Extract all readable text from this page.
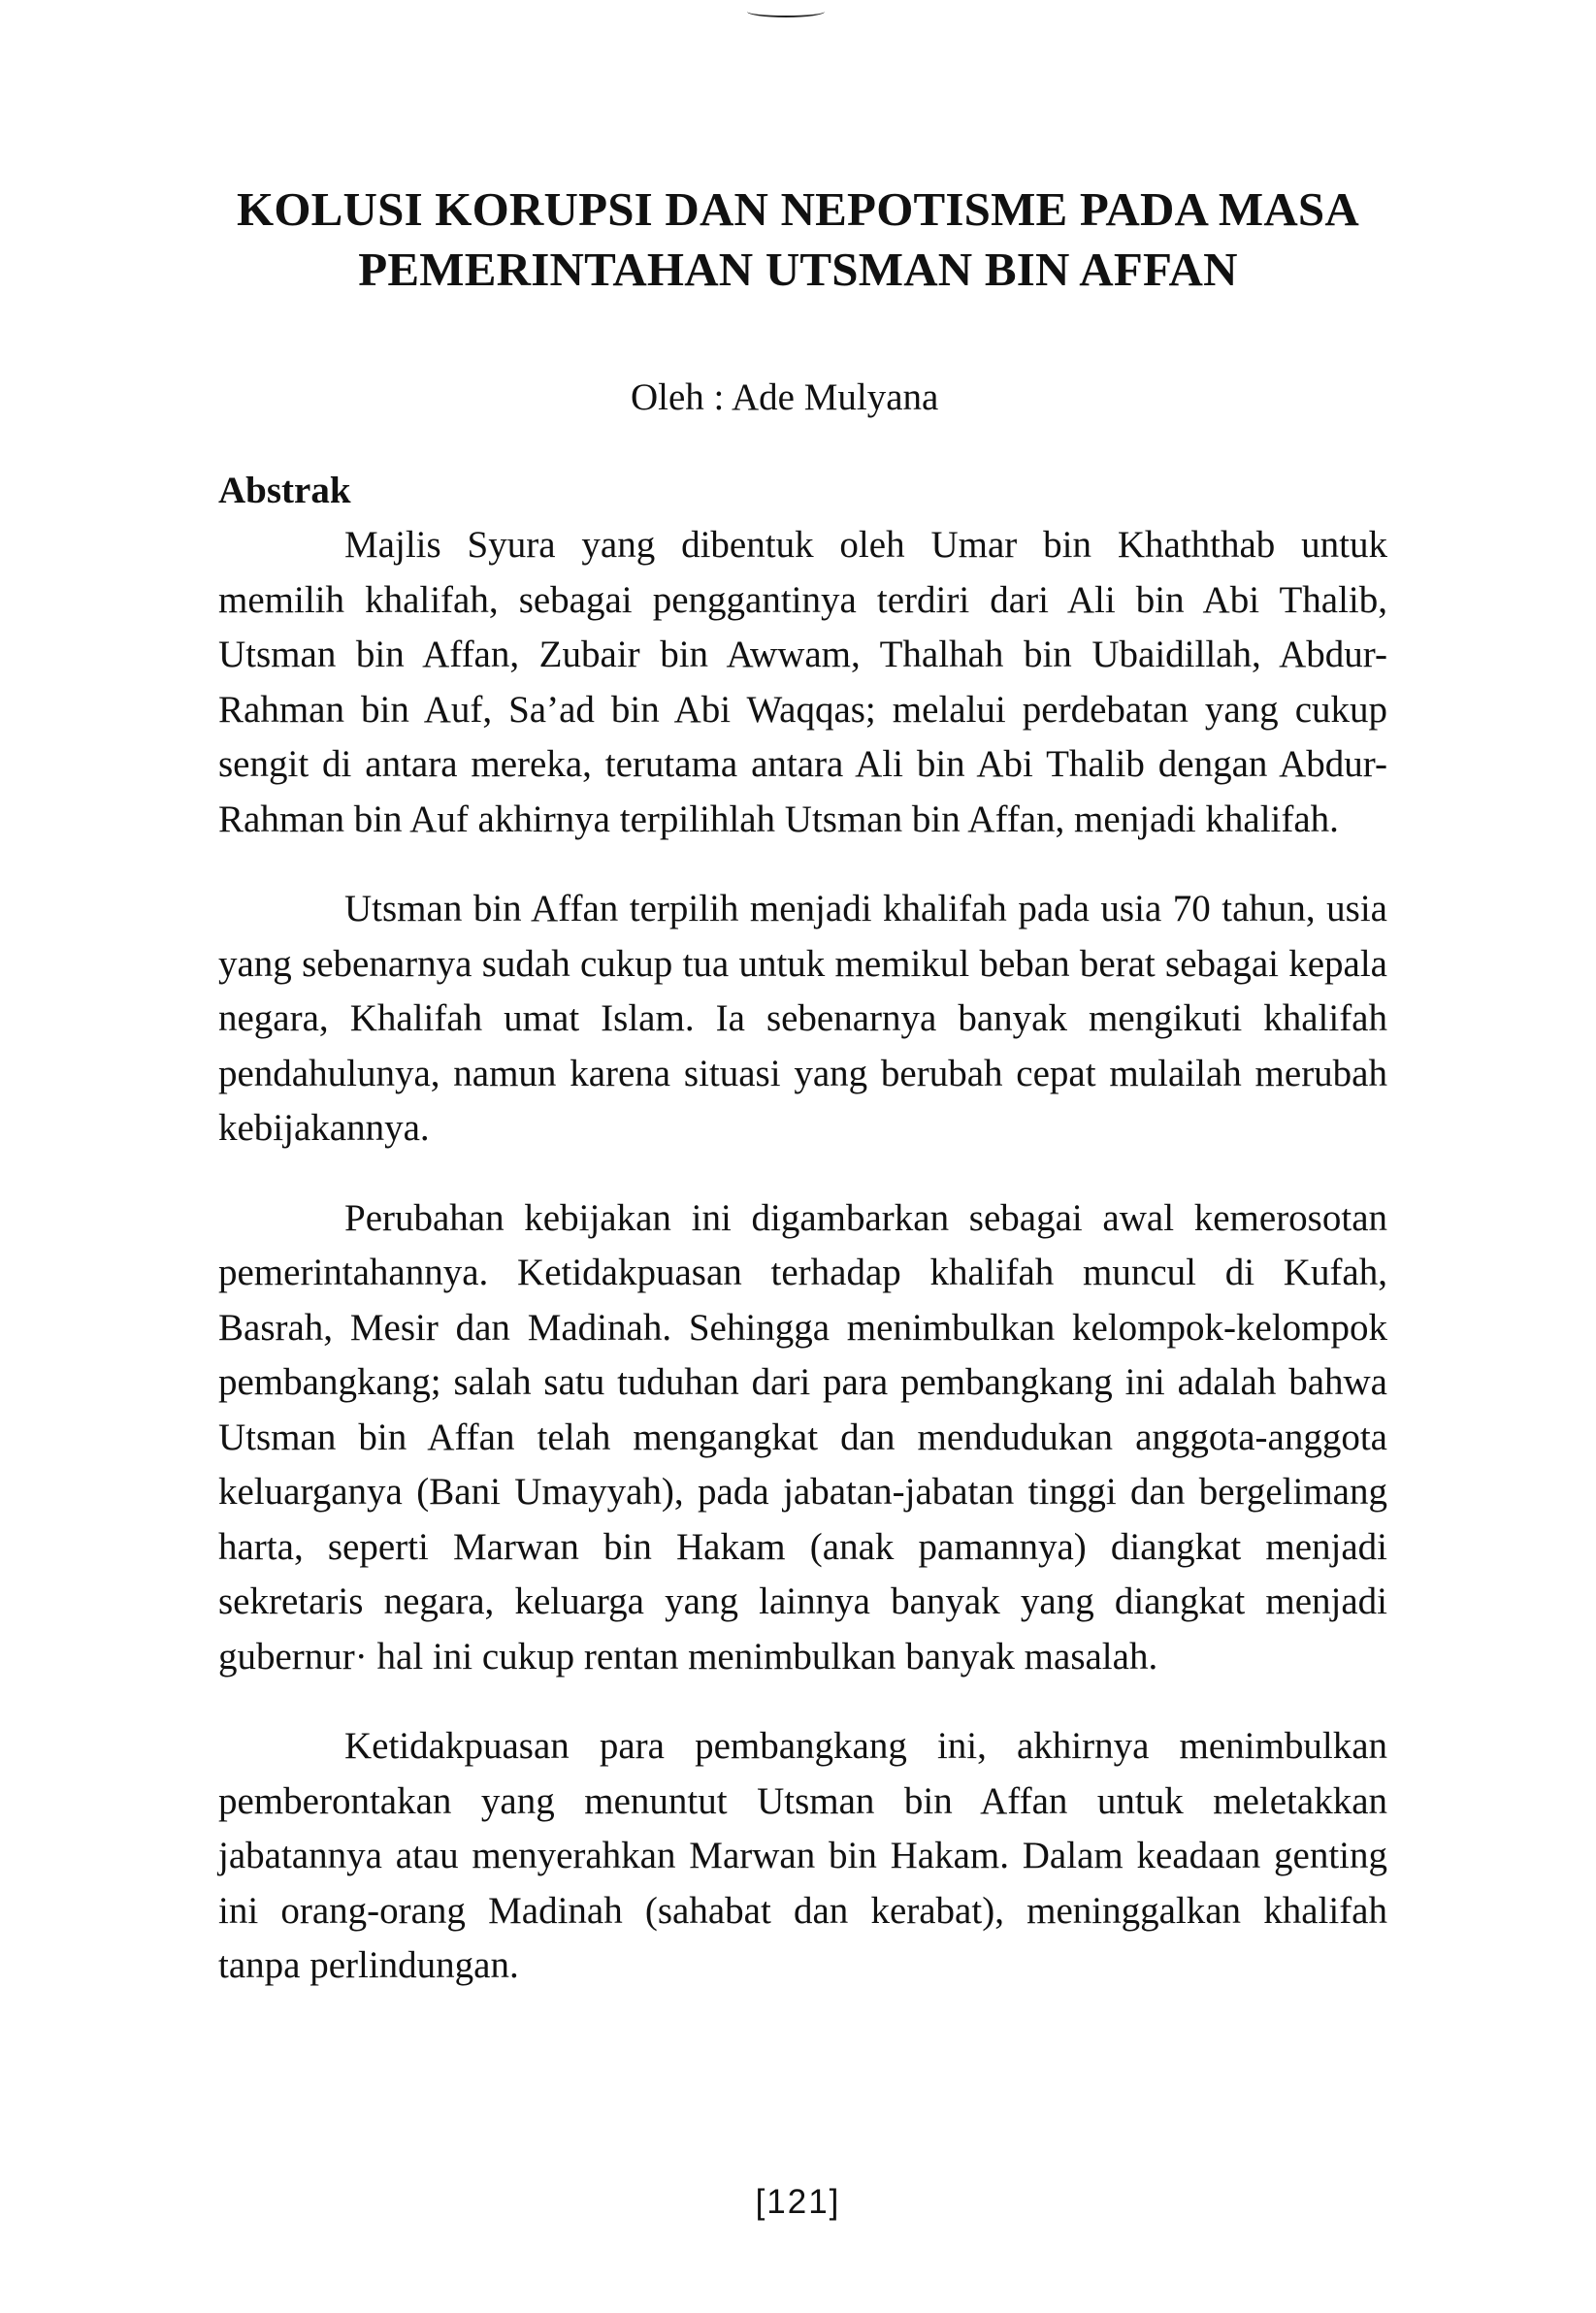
KOLUSI KORUPSI DAN NEPOTISME PADA MASA
PEMERINTAHAN UTSMAN BIN AFFAN
Oleh : Ade Mulyana

Abstrak

Majlis Syura yang dibentuk oleh Umar bin Khaththab untuk memilih khalifah, sebagai penggantinya terdiri dari Ali bin Abi Thalib, Utsman bin Affan, Zubair bin Awwam, Thalhah bin Ubaidillah, Abdur-Rahman bin Auf, Sa’ad bin Abi Waqqas; melalui perdebatan yang cukup sengit di antara mereka, terutama antara Ali bin Abi Thalib dengan Abdur-Rahman bin Auf akhirnya terpilihlah Utsman bin Affan, menjadi khalifah.

Utsman bin Affan terpilih menjadi khalifah pada usia 70 tahun, usia yang sebenarnya sudah cukup tua untuk memikul beban berat sebagai kepala negara, Khalifah umat Islam. Ia sebenarnya banyak mengikuti khalifah pendahulunya, namun karena situasi yang berubah cepat mulailah merubah kebijakannya.

Perubahan kebijakan ini digambarkan sebagai awal kemerosotan pemerintahannya. Ketidakpuasan terhadap khalifah muncul di Kufah, Basrah, Mesir dan Madinah. Sehingga menimbulkan kelompok-kelompok pembangkang; salah satu tuduhan dari para pembangkang ini adalah bahwa Utsman bin Affan telah mengangkat dan mendudukan anggota-anggota keluarganya (Bani Umayyah), pada jabatan-jabatan tinggi dan bergelimang harta, seperti Marwan bin Hakam (anak pamannya) diangkat menjadi sekretaris negara, keluarga yang lainnya banyak yang diangkat menjadi gubernur· hal ini cukup rentan menimbulkan banyak masalah.

Ketidakpuasan para pembangkang ini, akhirnya menimbulkan pemberontakan yang menuntut Utsman bin Affan untuk meletakkan jabatannya atau menyerahkan Marwan bin Hakam. Dalam keadaan genting ini orang-orang Madinah (sahabat dan kerabat), meninggalkan khalifah tanpa perlindungan.

[121]
